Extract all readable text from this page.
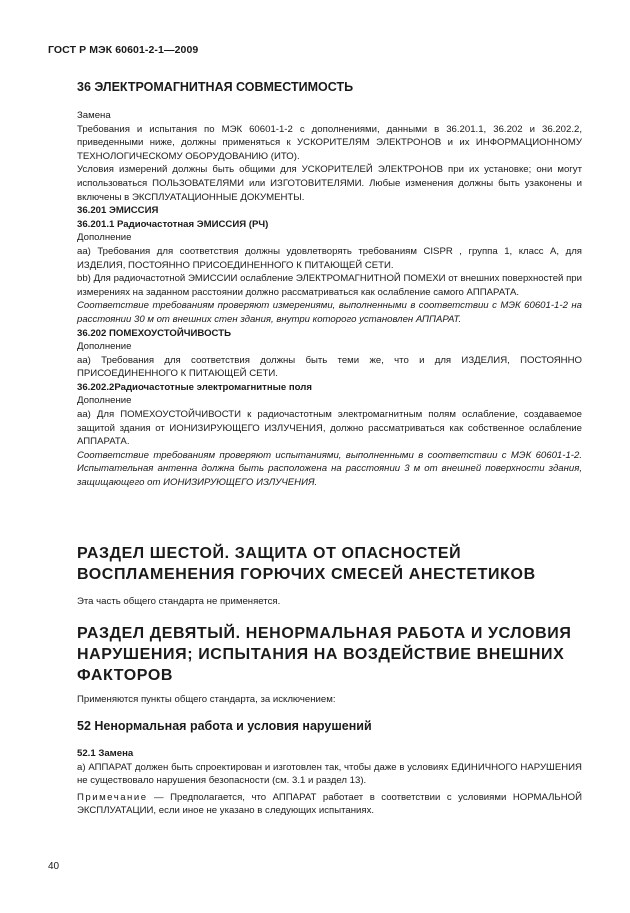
ГОСТ Р МЭК 60601-2-1—2009
36 ЭЛЕКТРОМАГНИТНАЯ СОВМЕСТИМОСТЬ

Замена

Требования и испытания по МЭК 60601-1-2 с дополнениями, данными в 36.201.1, 36.202 и 36.202.2, приведенными ниже, должны применяться к УСКОРИТЕЛЯМ ЭЛЕКТРОНОВ и их ИНФОРМАЦИОННОМУ ТЕХНОЛОГИЧЕСКОМУ ОБОРУДОВАНИЮ (ИТО).

Условия измерений должны быть общими для УСКОРИТЕЛЕЙ ЭЛЕКТРОНОВ при их установке; они могут использоваться ПОЛЬЗОВАТЕЛЯМИ или ИЗГОТОВИТЕЛЯМИ. Любые изменения должны быть узаконены и включены в ЭКСПЛУАТАЦИОННЫЕ ДОКУМЕНТЫ.

36.201 ЭМИССИЯ

36.201.1 Радиочастотная ЭМИССИЯ (РЧ)

Дополнение

аа) Требования для соответствия должны удовлетворять требованиям CISPR , группа 1, класс А, для ИЗДЕЛИЯ, ПОСТОЯННО ПРИСОЕДИНЕННОГО К ПИТАЮЩЕЙ СЕТИ.

bb) Для радиочастотной ЭМИССИИ ослабление ЭЛЕКТРОМАГНИТНОЙ ПОМЕХИ от внешних поверхностей при измерениях на заданном расстоянии должно рассматриваться как ослабление самого АППАРАТА.

Соответствие требованиям проверяют измерениями, выполненными в соответствии с МЭК 60601-1-2 на расстоянии 30 м от внешних стен здания, внутри которого установлен АППАРАТ.

36.202 ПОМЕХОУСТОЙЧИВОСТЬ

Дополнение

аа) Требования для соответствия должны быть теми же, что и для ИЗДЕЛИЯ, ПОСТОЯННО ПРИСОЕДИНЕННОГО К ПИТАЮЩЕЙ СЕТИ.

36.202.2Радиочастотные электромагнитные поля

Дополнение

аа) Для ПОМЕХОУСТОЙЧИВОСТИ к радиочастотным электромагнитным полям ослабление, создаваемое защитой здания от ИОНИЗИРУЮЩЕГО ИЗЛУЧЕНИЯ, должно рассматриваться как собственное ослабление АППАРАТА.

Соответствие требованиям проверяют испытаниями, выполненными в соответствии с МЭК 60601-1-2. Испытательная антенна должна быть расположена на расстоянии 3 м от внешней поверхности здания, защищающего от ИОНИЗИРУЮЩЕГО ИЗЛУЧЕНИЯ.

РАЗДЕЛ ШЕСТОЙ. ЗАЩИТА ОТ ОПАСНОСТЕЙ ВОСПЛАМЕНЕНИЯ ГОРЮЧИХ СМЕСЕЙ АНЕСТЕТИКОВ
Эта часть общего стандарта не применяется.
РАЗДЕЛ ДЕВЯТЫЙ. НЕНОРМАЛЬНАЯ РАБОТА И УСЛОВИЯ НАРУШЕНИЯ; ИСПЫТАНИЯ НА ВОЗДЕЙСТВИЕ ВНЕШНИХ ФАКТОРОВ
Применяются пункты общего стандарта, за исключением:
52 Ненормальная работа и условия нарушений

52.1 Замена

а) АППАРАТ должен быть спроектирован и изготовлен так, чтобы даже в условиях ЕДИНИЧНОГО НАРУШЕНИЯ не существовало нарушения безопасности (см. 3.1 и раздел 13).

Примечание — Предполагается, что АППАРАТ работает в соответствии с условиями НОРМАЛЬНОЙ ЭКСПЛУАТАЦИИ, если иное не указано в следующих испытаниях.

40
